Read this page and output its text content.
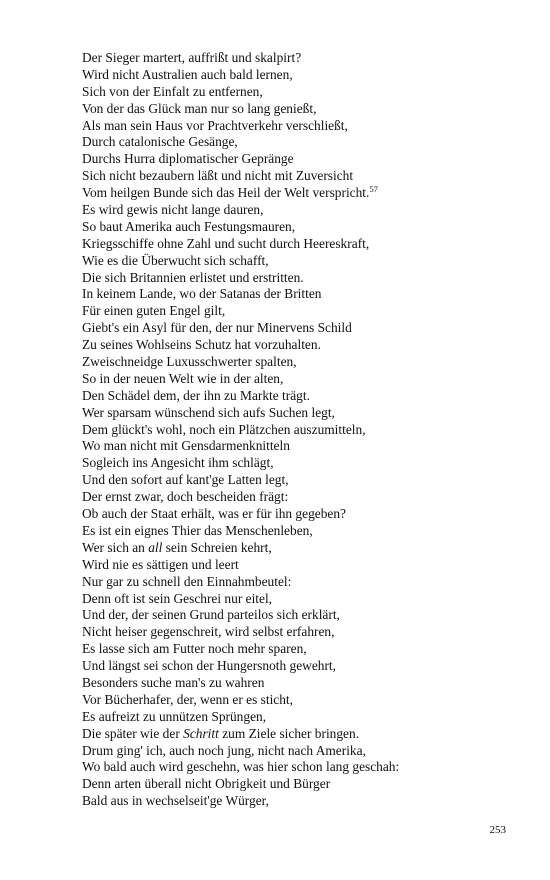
Der Sieger martert, auffrißt und skalpirt?
Wird nicht Australien auch bald lernen,
Sich von der Einfalt zu entfernen,
Von der das Glück man nur so lang genießt,
Als man sein Haus vor Prachtverkehr verschließt,
Durch catalonische Gesänge,
Durchs Hurra diplomatischer Gepränge
Sich nicht bezaubern läßt und nicht mit Zuversicht
Vom heilgen Bunde sich das Heil der Welt verspricht.$^{57}$
Es wird gewis nicht lange dauren,
So baut Amerika auch Festungsmauren,
Kriegsschiffe ohne Zahl und sucht durch Heereskraft,
Wie es die Überwucht sich schafft,
Die sich Britannien erlistet und erstritten.
In keinem Lande, wo der Satanas der Britten
Für einen guten Engel gilt,
Giebt's ein Asyl für den, der nur Minervens Schild
Zu seines Wohlseins Schutz hat vorzuhalten.
Zweischneidge Luxusschwerter spalten,
So in der neuen Welt wie in der alten,
Den Schädel dem, der ihn zu Markte trägt.
Wer sparsam wünschend sich aufs Suchen legt,
Dem glückt's wohl, noch ein Plätzchen auszumitteln,
Wo man nicht mit Gensdarmenknitteln
Sogleich ins Angesicht ihm schlägt,
Und den sofort auf kant'ge Latten legt,
Der ernst zwar, doch bescheiden frägt:
Ob auch der Staat erhält, was er für ihn gegeben?
Es ist ein eignes Thier das Menschenleben,
Wer sich an all sein Schreien kehrt,
Wird nie es sättigen und leert
Nur gar zu schnell den Einnahmbeutel:
Denn oft ist sein Geschrei nur eitel,
Und der, der seinen Grund parteilos sich erklärt,
Nicht heiser gegenschreit, wird selbst erfahren,
Es lasse sich am Futter noch mehr sparen,
Und längst sei schon der Hungersnoth gewehrt,
Besonders suche man's zu wahren
Vor Bücherhafer, der, wenn er es sticht,
Es aufreizt zu unnützen Sprüngen,
Die später wie der Schritt zum Ziele sicher bringen.
Drum ging' ich, auch noch jung, nicht nach Amerika,
Wo bald auch wird geschehn, was hier schon lang geschah:
Denn arten überall nicht Obrigkeit und Bürger
Bald aus in wechselseit'ge Würger,
253
